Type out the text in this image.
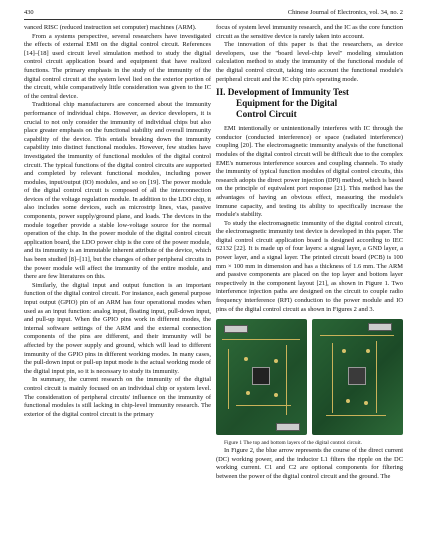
430	Chinese Journal of Electronics, vol. 34, no. 2

vanced RISC (reduced instruction set computer) machines (ARM).

From a systems perspective, several researchers have investigated the effects of external EMI on the digital control circuit. References [14]–[18] used circuit level simulation method to study the digital control circuit application board and equipment that have realized functions. The primary emphasis in the study of the immunity of the digital control circuit at the system level lied on the exterior portion of the circuit, while comparatively little consideration was given to the IC of the central device.

Traditional chip manufacturers are concerned about the immunity performance of individual chips. However, as device developers, it is crucial to not only consider the immunity of individual chips but also place greater emphasis on the functional stability and overall immunity capability of the device. This entails breaking down the immunity capability into distinct functional modules. However, few studies have investigated the immunity of functional modules of the digital control circuit. The typical functions of the digital control circuits are supported and completed by relevant functional modules, including power modules, input/output (IO) modules, and so on [19]. The power module of the digital control circuit is composed of all the interconnection devices of the voltage regulation module. In addition to the LDO chip, it also includes some devices, such as microstrip lines, vias, passive components, power supply/ground plane, and loads. The devices in the module together provide a stable low-voltage source for the normal operation of the chip. In the power module of the digital control circuit application board, the LDO power chip is the core of the power module, and its immunity is an immutable inherent attribute of the device, which has been studied [8]–[11], but the changes of other peripheral circuits in the power module will affect the immunity of the entire module, and there are few literatures on this.

Similarly, the digital input and output function is an important function of the digital control circuit. For instance, each general purpose input output (GPIO) pin of an ARM has four operational modes when used as an input function: analog input, floating input, pull-down input, and pull-up input. When the GPIO pins work in different modes, the internal software settings of the ARM and the external connection components of the pins are different, and their immunity will be affected by the power supply and ground, which will lead to different immunity of the GPIO pins in different working modes. In many cases, the pull-down input or pull-up input mode is the actual working mode of the digital input pin, so it is necessary to study its immunity.

In summary, the current research on the immunity of the digital control circuit is mainly focused on an individual chip or system level. The consideration of peripheral circuits' influence on the immunity of functional modules is still lacking in chip-level immunity research. The exterior of the digital control circuit is the primary

focus of system level immunity research, and the IC as the core function circuit as the sensitive device is rarely taken into account.

The innovation of this paper is that the researchers, as device developers, use the "board level-chip level" modeling simulation calculation method to study the immunity of the functional module of the digital control circuit, taking into account the functional module's peripheral circuit and the IC chip pin's operating mode.

II. Development of Immunity Test
Equipment for the Digital
Control Circuit

EMI intentionally or unintentionally interferes with IC through the conductor (conducted interference) or space (radiated interference) coupling [20]. The electromagnetic immunity analysis of the functional modules of the digital control circuit will be difficult due to the complex EME's numerous interference sources and coupling channels. To study the immunity of typical function modules of digital control circuits, this research adopts the direct power injection (DPI) method, which is based on the principle of equivalent port response [21]. This method has the advantages of having an obvious effect, measuring the module's immune capacity, and testing its ability to specifically increase the module's stability.

To study the electromagnetic immunity of the digital control circuit, the electromagnetic immunity test device is developed in this paper. The digital control circuit application board is designed according to IEC 62132 [22]. It is made up of four layers: a signal layer, a GND layer, a power layer, and a signal layer. The printed circuit board (PCB) is 100 mm × 100 mm in dimension and has a thickness of 1.6 mm. The ARM and passive components are placed on the top layer and bottom layer respectively in the component layout [21], as shown in Figure 1. Two interference injection paths are designed on the circuit to couple radio frequency interference (RFI) conduction to the power module and IO pins of the digital control circuit as shown in Figures 2 and 3.

Figure 1 The top and bottom layers of the digital control circuit.

In Figure 2, the blue arrow represents the course of the direct current (DC) working power, and the inductor L1 filters the ripple on the DC working current. C1 and C2 are optional components for filtering between the power of the digital control circuit and the ground. The
